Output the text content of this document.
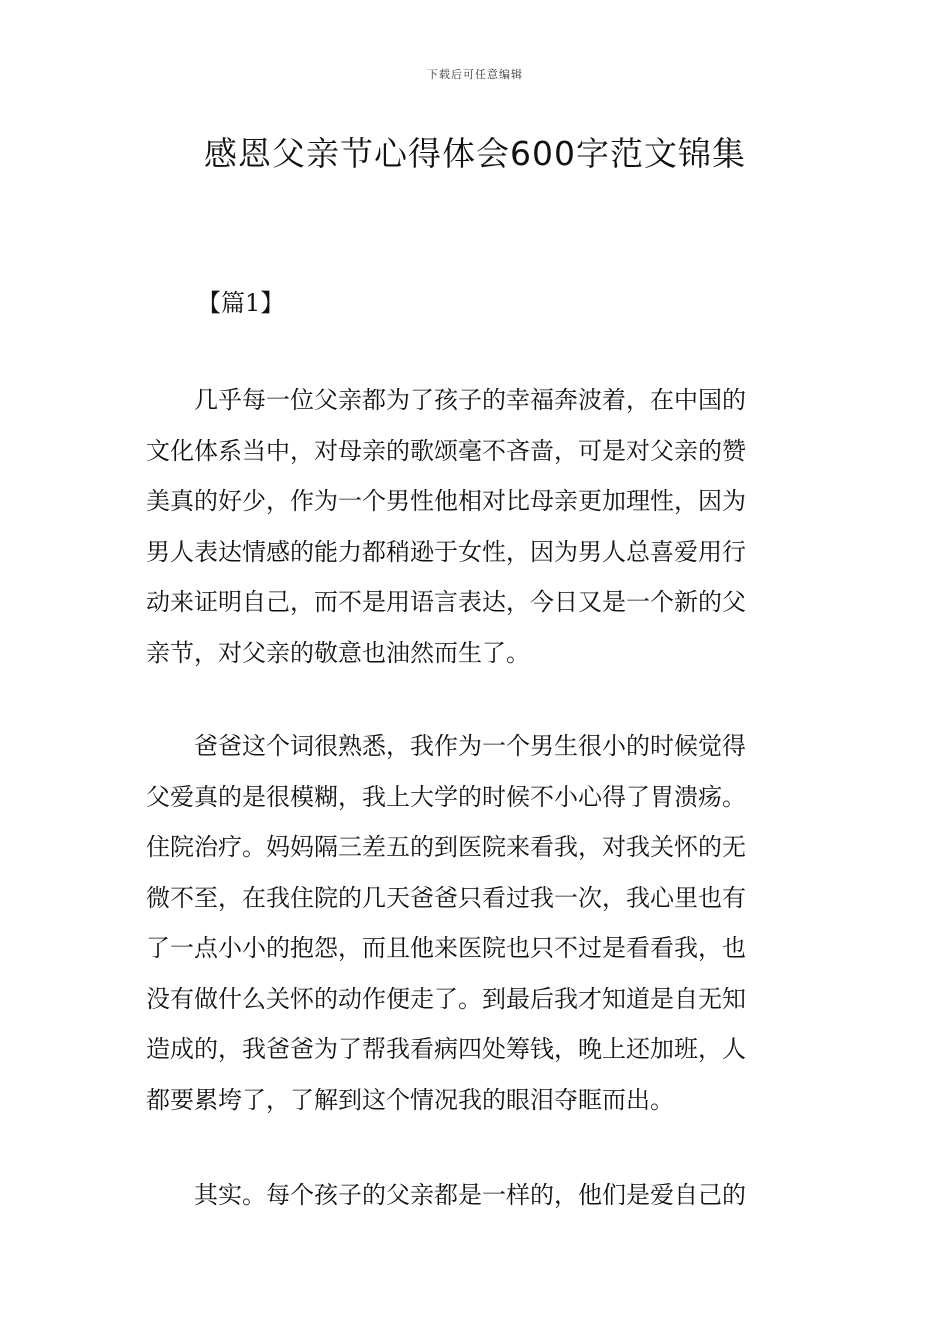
下载后可任意编辑
感恩父亲节心得体会600字范文锦集

【篇1】

　　几乎每一位父亲都为了孩子的幸福奔波着，在中国的
文化体系当中，对母亲的歌颂毫不吝啬，可是对父亲的赞
美真的好少，作为一个男性他相对比母亲更加理性，因为
男人表达情感的能力都稍逊于女性，因为男人总喜爱用行
动来证明自己，而不是用语言表达，今日又是一个新的父
亲节，对父亲的敬意也油然而生了。

　　爸爸这个词很熟悉，我作为一个男生很小的时候觉得
父爱真的是很模糊，我上大学的时候不小心得了胃溃疡。
住院治疗。妈妈隔三差五的到医院来看我，对我关怀的无
微不至，在我住院的几天爸爸只看过我一次，我心里也有
了一点小小的抱怨，而且他来医院也只不过是看看我，也
没有做什么关怀的动作便走了。到最后我才知道是自无知
造成的，我爸爸为了帮我看病四处筹钱，晚上还加班，人
都要累垮了，了解到这个情况我的眼泪夺眶而出。

　　其实。每个孩子的父亲都是一样的，他们是爱自己的
